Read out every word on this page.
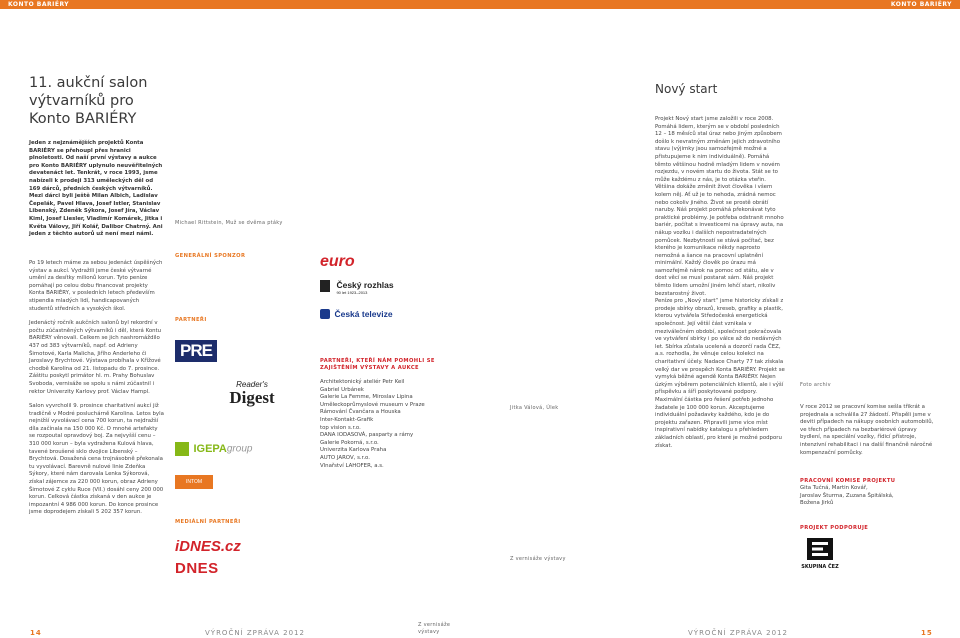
KONTO BARIÉRY	KONTO BARIÉRY
11. aukční salon výtvarníků pro Konto BARIÉRY
Jeden z nejznámějších projektů Konta BARIÉRY se přehoupl přes hranici plnoletosti. Od naší první výstavy a aukce pro Konto BARIÉRY uplynulo neuvěřitelných devatenáct let. Tenkrát, v roce 1993, jsme nabízeli k prodeji 313 uměleckých děl od 169 dárců, předních českých výtvarníků. Mezi dárci byli ještě Milan Albich, Ladislav Čepelák, Pavel Hlava, Josef Istler, Stanislav Libenský, Zdeněk Sýkora, Josef Jíra, Václav Kiml, Josef Liesler, Vladimír Komárek, Jitka i Květa Válovy, Jiří Kolář, Dalibor Chatrný. Ani jeden z těchto autorů už není mezi námi.

Po 19 letech máme za sebou jedenáct úspěšných výstav a aukcí. Vydražili jsme české výtvarné umění za desítky milionů korun. Tyto peníze pomáhají po celou dobu financovat projekty Konta BARIÉRY, v posledních letech především stipendia mladých lidí, handicapovaných studentů středních a vysokých škol.

Jedenáctý ročník aukčních salonů byl rekordní v počtu zúčastněných výtvarníků i děl, která Kontu BARIÉRY věnovali. Celkem se jich nashromáždilo 437 od 383 výtvarníků, např. od Adrieny Šimotové, Karla Malicha, Jiřího Anderleho či Jaroslavy Brychtové. Výstava probíhala v Křížové chodbě Karolina od 21. listopadu do 7. prosince. Záštitu poskytl primátor hl. m. Prahy Bohuslav Svoboda, vernisáže se spolu s námi zúčastnil i rektor Univerzity Karlovy prof. Václav Hampl.

Salon vyvrcholil 9. prosince charitativní aukcí již tradičně v Modré posluchárně Karolina. Letos byla nejnižší vyvolávací cena 700 korun, ta nejdražší díla začínala na 150 000 Kč. O mnohé artefakty se rozpoutal opravdový boj. Za nejvyšší cenu – 310 000 korun – byla vydražena Kulová hlava, tavené broušené sklo dvojice Libenský – Brychtová. Dosažená cena trojnásobně překonala tu vyvolávací. Barevně nulové linie Zdeňka Sýkory, které nám darovala Lenka Sýkorová, získal zájemce za 220 000 korun, obraz Adrieny Šimotové Z cyklu Ruce (VII.) dosáhl ceny 200 000 korun. Celková částka získaná v den aukce je impozantní 4 986 000 korun. Do konce prosince jsme doprodejem získali 5 202 357 korun.

Michael Rittstein, Muž se dvěma ptáky
GENERÁLNÍ SPONZOR
PARTNEŘI
MEDIÁLNÍ PARTNEŘI
PRE
Reader's
Digest
IGEPAgroup
INTOM
iDNES.cz
DNES
euro

Český rozhlas
90 let 1923–2013
Česká televize
PARTNEŘI, KTEŘÍ NÁM POMOHLI SE ZAJIŠTĚNÍM VÝSTAVY A AUKCE
Architektonický ateliér Petr Keil
Gabriel Urbánek
Galerie La Femme, Miroslav Lipina
Uměleckoprůmyslové museum v Praze
Rámování Čvančara a Houska
Inter-Kontakt-Grafik
top vision s.r.o.
DANA IODASOVÁ, pasparty a rámy
Galerie Pokorná, s.r.o.
Univerzita Karlova Praha
AUTO JAROV, s.r.o.
Vlnařství LAHOFER, a.s.
Jitka Válová, Úlek
Z vernisáže výstavy
Nový start

Projekt Nový start jsme založili v roce 2008. Pomáhá lidem, kterým se v období posledních 12 – 18 měsíců stal úraz nebo jiným způsobem došlo k nevratným změnám jejich zdravotního stavu (výjimky jsou samozřejmě možné a přistupujeme k nim individuálně). Pomáhá těmto většinou hodně mladým lidem v novém rozjezdu, v novém startu do života. Stát se to může každému z nás, je to otázka vteřin. Většina dokáže změnit život člověka i všem kolem něj. Ať už je to nehoda, zrádná nemoc nebo cokoliv jiného. Život se prostě obrátí naruby. Náš projekt pomáhá překonávat tyto praktické problémy. Je potřeba odstranit mnoho bariér, počítat s investicemi na úpravy auta, na nákup vozíku i dalších nepostradatelných pomůcek. Nezbytností se stává počítač, bez kterého je komunikace někdy naprosto nemožná a šance na pracovní uplatnění minimální. Každý člověk po úrazu má samozřejmě nárok na pomoc od státu, ale v dost věcí se musí postarat sám. Náš projekt těmto lidem umožní jiném lehčí start, nikoliv bezstarostný život.

Peníze pro „Nový start“ jsme historicky získali z prodeje sbírky obrazů, kreseb, grafiky a plastik, kterou vytvářela Středočeská energetická společnost. Její větší část vznikala v meziválečném období, společnost pokračovala ve vytváření sbírky i po válce až do nedávných let. Sbírka zůstala ucelená a dozorčí rada ČEZ, a.s. rozhodla, že věnuje celou kolekci na charitativní účely. Nadace Charty 77 tak získala velký dar ve prospěch Konta BARIÉRY. Projekt se vymyká běžné agendě Konta BARIÉRY. Nejen úzkým výběrem potenciálních klientů, ale i výší příspěvku a šíří poskytované podpory. Maximální částka pro řešení potřeb jednoho žadatele je 100 000 korun. Akceptujeme individuální požadavky každého, kdo je do projektu zařazen. Připravili jsme více míst inspirativní nabídky katalogu s přehledem základních oblastí, pro které je možné podporu získat.

Foto archiv
V roce 2012 se pracovní komise sešla třikrát a projednala a schválila 27 žádostí. Přispěli jsme v deviti případech na nákupy osobních automobilů, ve třech případech na bezbariérové úpravy bydlení, na speciální vozíky, řídicí přístroje, intenzivní rehabilitaci i na další finančně náročné kompenzační pomůcky.
PRACOVNÍ KOMISE PROJEKTU
Gita Tučná, Martin Kovář,
Jaroslav Šturma, Zuzana Špitálská,
Božena Jirků
PROJEKT PODPORUJE
SKUPINA ČEZ
14	VÝROČNÍ ZPRÁVA 2012
Z vernisáže výstavy	VÝROČNÍ ZPRÁVA 2012	15
